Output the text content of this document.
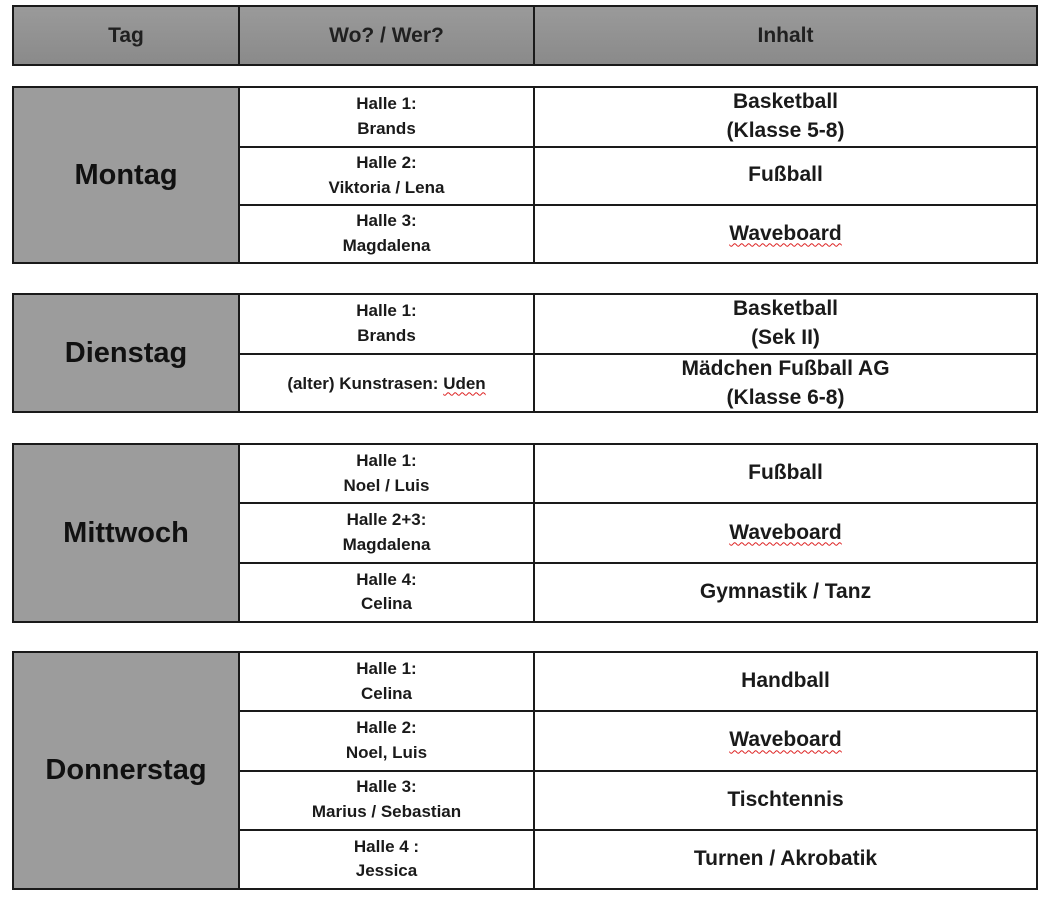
Tag	Wo? / Wer?	Inhalt
Montag
Halle 1:
Brands
Basketball
(Klasse 5-8)
Halle 2:
Viktoria / Lena
Fußball
Halle 3:
Magdalena
Waveboard
Dienstag
Halle 1:
Brands
Basketball
(Sek II)
(alter) Kunstrasen: Uden
Mädchen Fußball AG
(Klasse 6-8)
Mittwoch
Halle 1:
Noel / Luis
Fußball
Halle 2+3:
Magdalena
Waveboard
Halle 4:
Celina
Gymnastik / Tanz
Donnerstag
Halle 1:
Celina
Handball
Halle 2:
Noel, Luis
Waveboard
Halle 3:
Marius / Sebastian
Tischtennis
Halle 4 :
Jessica
Turnen / Akrobatik
